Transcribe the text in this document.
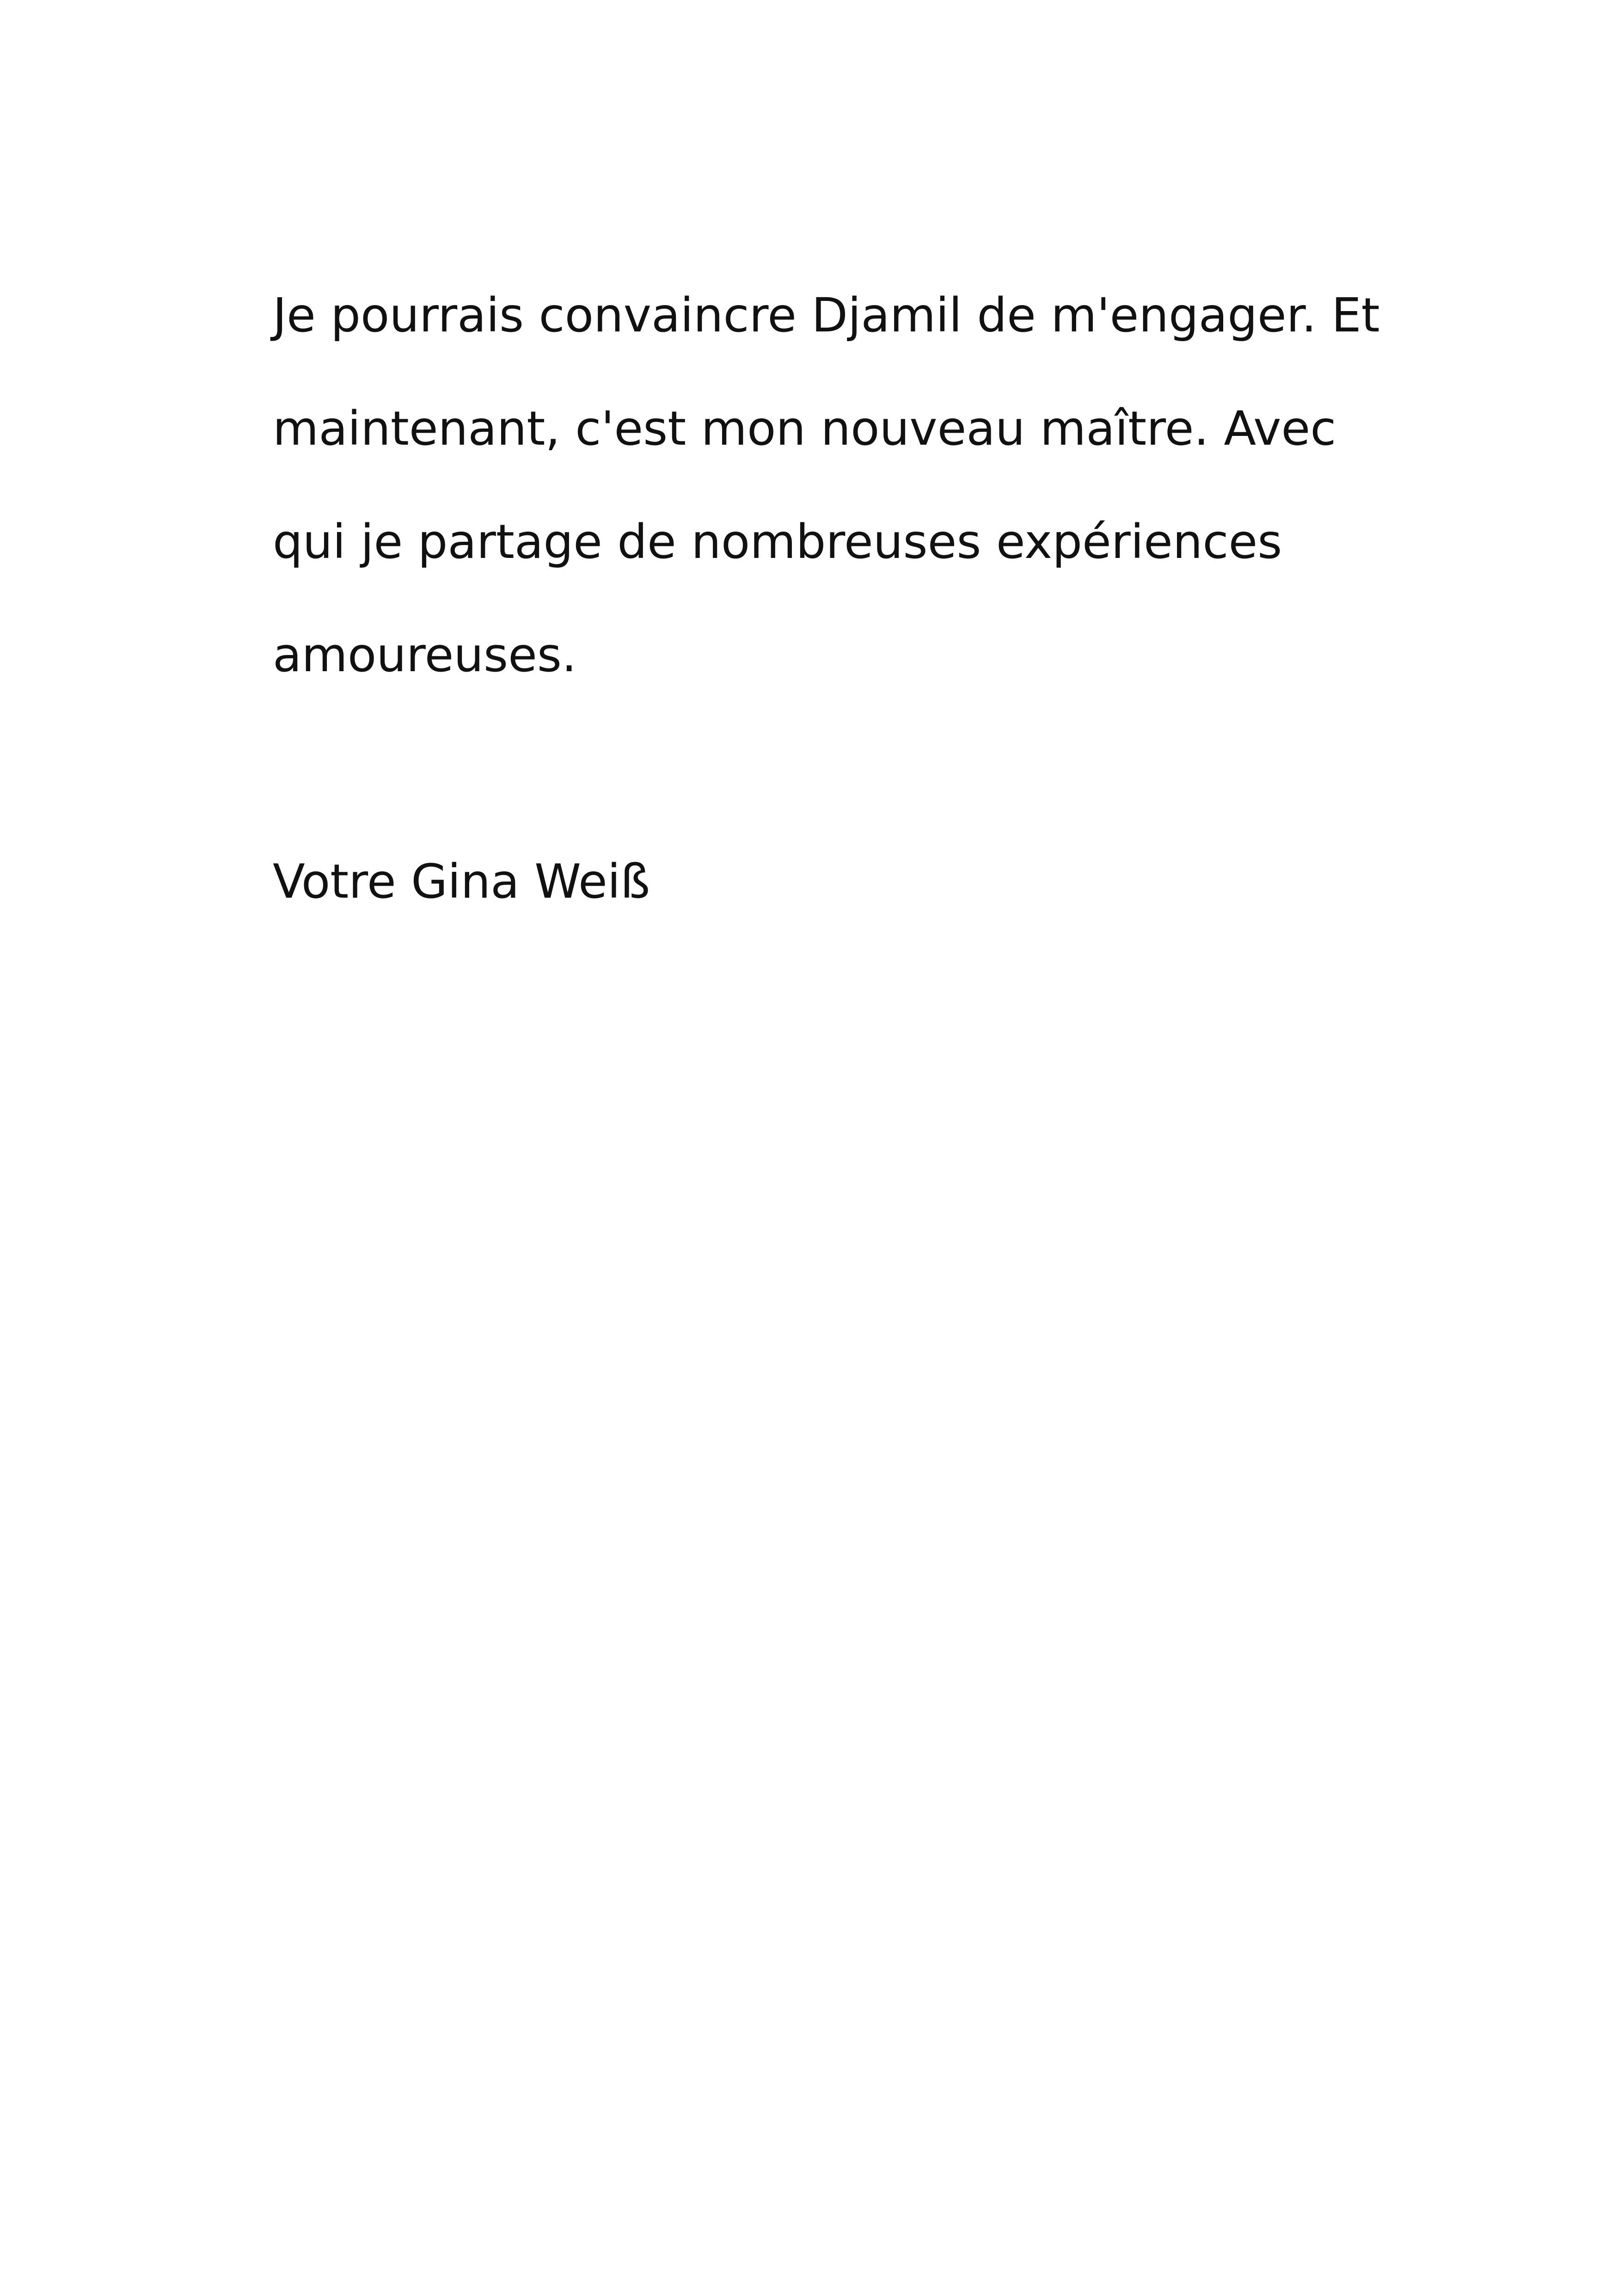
Je pourrais convaincre Djamil de m'engager. Et
maintenant, c'est mon nouveau maître. Avec
qui je partage de nombreuses expériences
amoureuses.
Votre Gina Weiß
